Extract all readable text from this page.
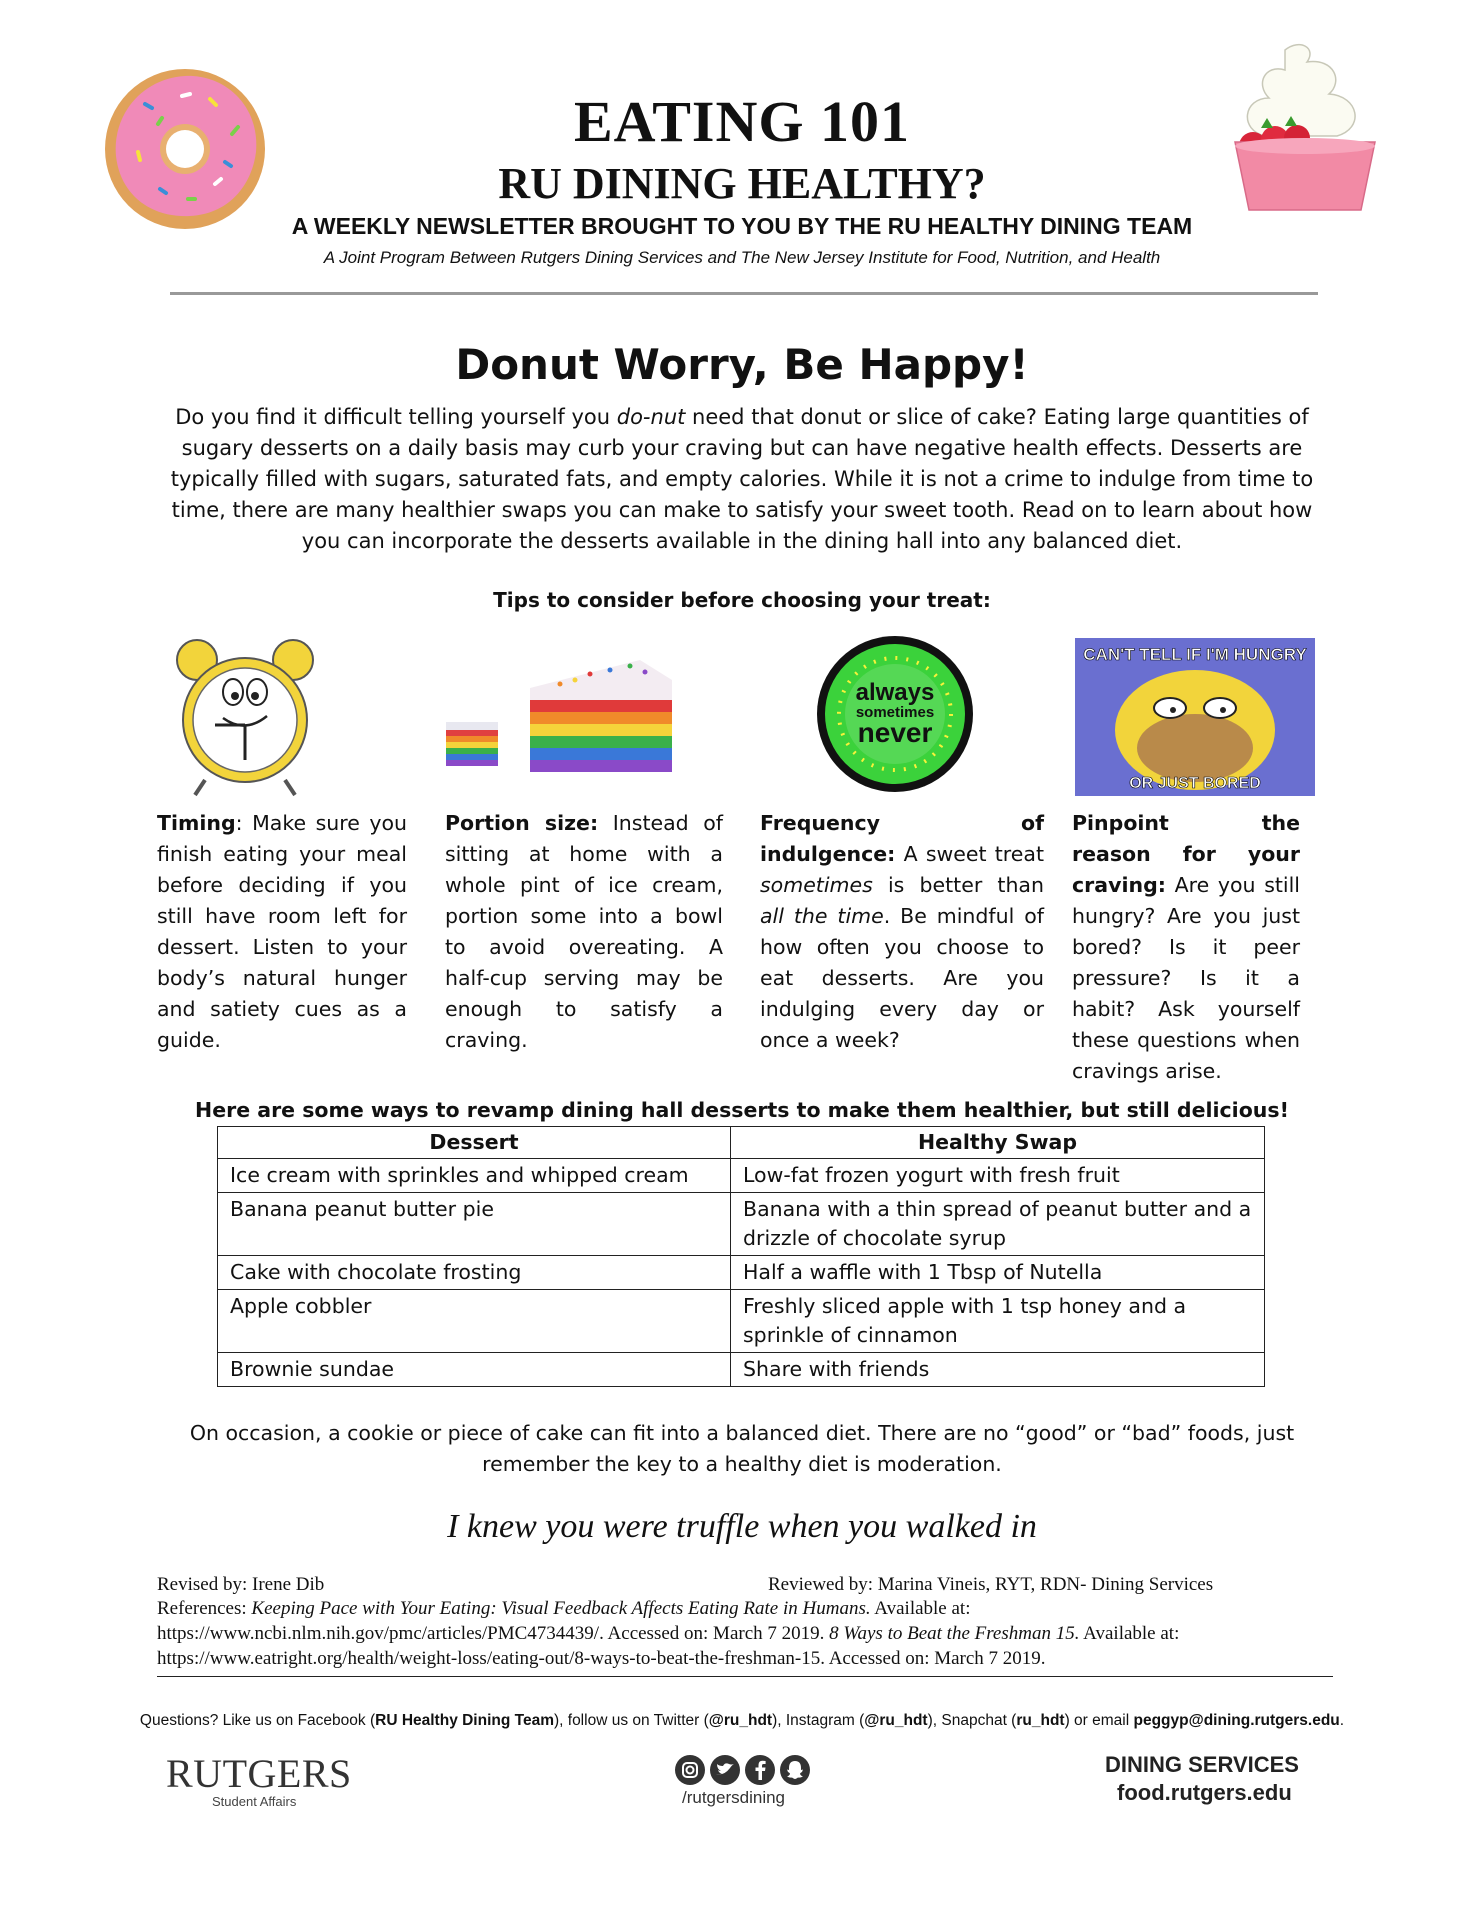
EATING 101
RU DINING HEALTHY?
A WEEKLY NEWSLETTER BROUGHT TO YOU BY THE RU HEALTHY DINING TEAM
A Joint Program Between Rutgers Dining Services and The New Jersey Institute for Food, Nutrition, and Health
Donut Worry, Be Happy!
Do you find it difficult telling yourself you do-nut need that donut or slice of cake? Eating large quantities of sugary desserts on a daily basis may curb your craving but can have negative health effects. Desserts are typically filled with sugars, saturated fats, and empty calories. While it is not a crime to indulge from time to time, there are many healthier swaps you can make to satisfy your sweet tooth. Read on to learn about how you can incorporate the desserts available in the dining hall into any balanced diet.
Tips to consider before choosing your treat:
always
sometimes
never
CAN'T TELL IF I'M HUNGRY
OR JUST BORED
Timing: Make sure you finish eating your meal before deciding if you still have room left for dessert. Listen to your body’s natural hunger and satiety cues as a guide.
Portion size: Instead of sitting at home with a whole pint of ice cream, portion some into a bowl to avoid overeating. A half-cup serving may be enough to satisfy a craving.
Frequency of indulgence: A sweet treat sometimes is better than all the time. Be mindful of how often you choose to eat desserts. Are you indulging every day or once a week?
Pinpoint the reason for your craving: Are you still hungry? Are you just bored? Is it peer pressure? Is it a habit? Ask yourself these questions when cravings arise.
Here are some ways to revamp dining hall desserts to make them healthier, but still delicious!
Dessert	Healthy Swap
Ice cream with sprinkles and whipped cream	Low-fat frozen yogurt with fresh fruit
Banana peanut butter pie	Banana with a thin spread of peanut butter and a drizzle of chocolate syrup
Cake with chocolate frosting	Half a waffle with 1 Tbsp of Nutella
Apple cobbler	Freshly sliced apple with 1 tsp honey and a sprinkle of cinnamon
Brownie sundae	Share with friends
On occasion, a cookie or piece of cake can fit into a balanced diet. There are no “good” or “bad” foods, just remember the key to a healthy diet is moderation.
I knew you were truffle when you walked in
Revised by: Irene Dib	Reviewed by: Marina Vineis, RYT, RDN- Dining Services
References: Keeping Pace with Your Eating: Visual Feedback Affects Eating Rate in Humans. Available at: https://www.ncbi.nlm.nih.gov/pmc/articles/PMC4734439/. Accessed on: March 7 2019. 8 Ways to Beat the Freshman 15. Available at: https://www.eatright.org/health/weight-loss/eating-out/8-ways-to-beat-the-freshman-15. Accessed on: March 7 2019.
Questions? Like us on Facebook (RU Healthy Dining Team), follow us on Twitter (@ru_hdt), Instagram (@ru_hdt), Snapchat (ru_hdt) or email peggyp@dining.rutgers.edu.
RUTGERS
Student Affairs	/rutgersdining
DINING SERVICES
food.rutgers.edu
